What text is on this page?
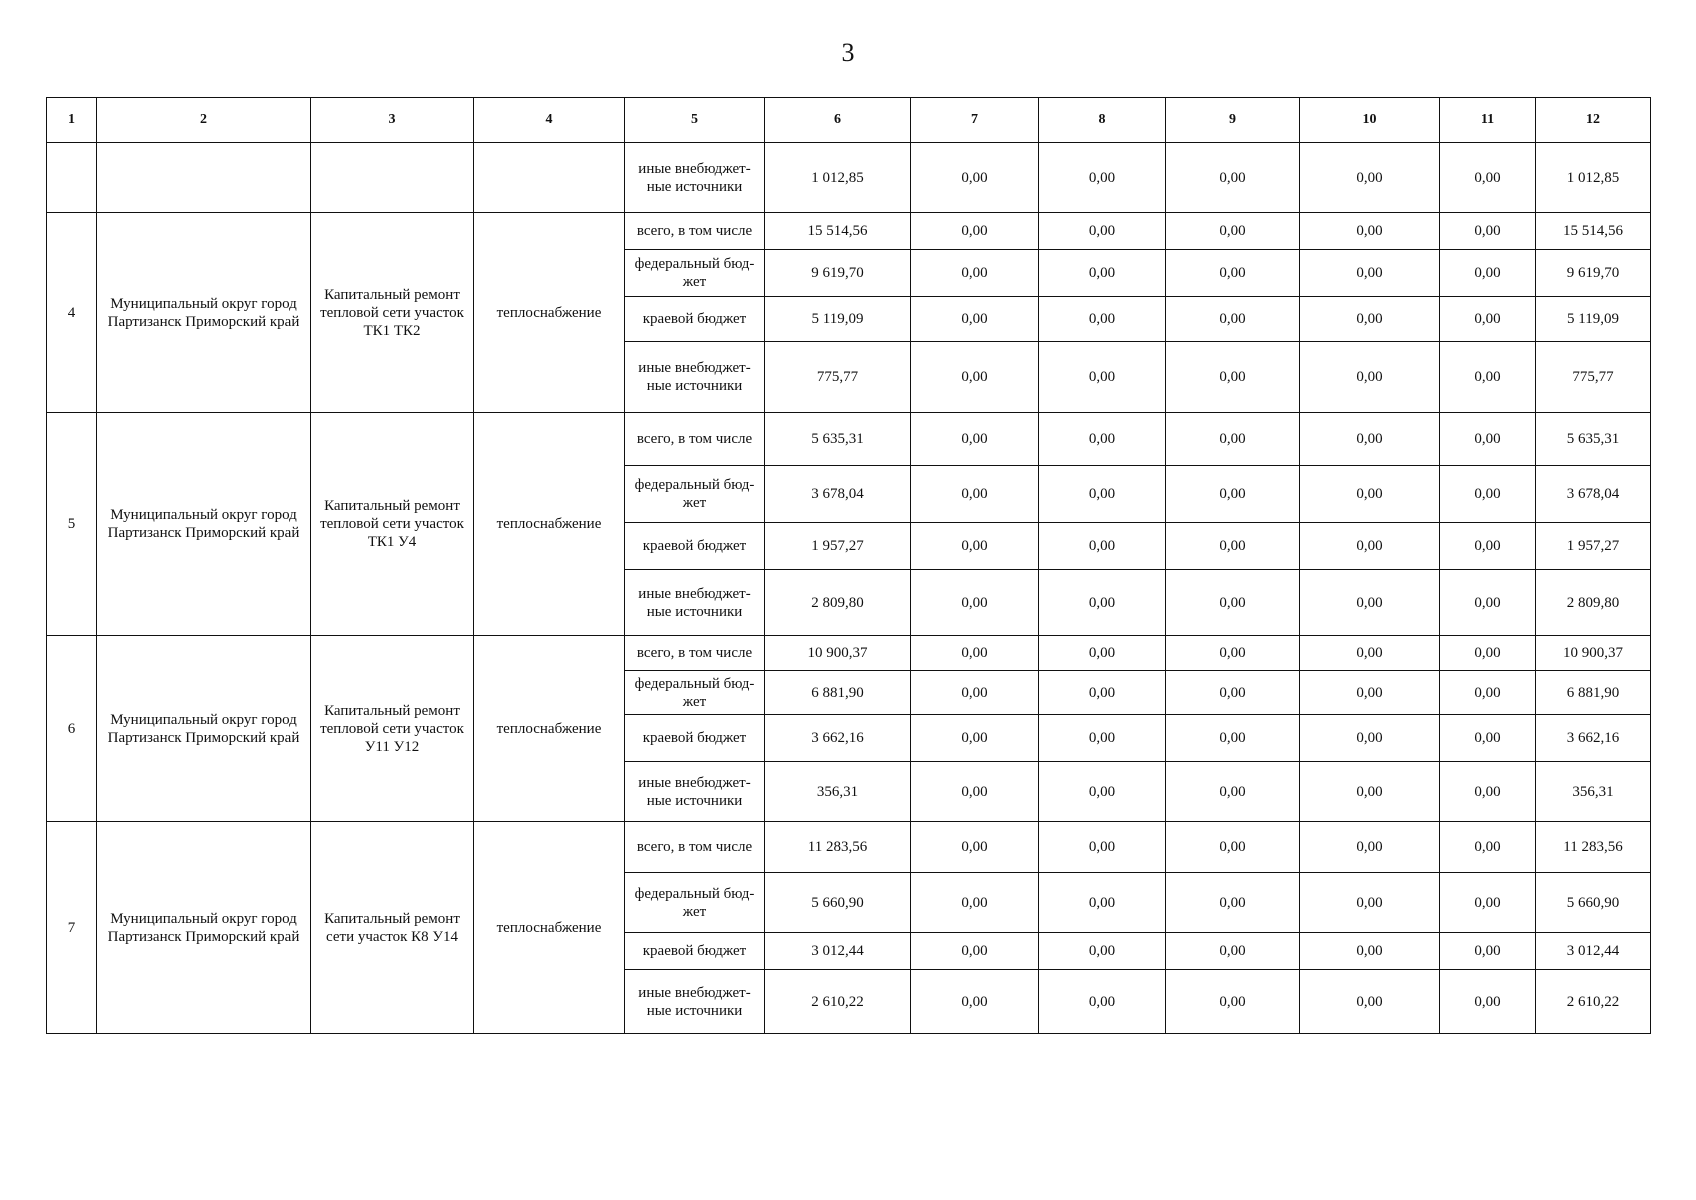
3
1	2	3	4	5	6	7	8	9	10	11	12
				иные внебюджет-ные источники	1 012,85	0,00	0,00	0,00	0,00	0,00	1 012,85
4	Муниципальный округ город Партизанск Приморский край	Капитальный ремонт тепловой сети участок ТК1 ТК2	теплоснабжение	всего, в том числе	15 514,56	0,00	0,00	0,00	0,00	0,00	15 514,56
				федеральный бюд-жет	9 619,70	0,00	0,00	0,00	0,00	0,00	9 619,70
				краевой бюджет	5 119,09	0,00	0,00	0,00	0,00	0,00	5 119,09
				иные внебюджет-ные источники	775,77	0,00	0,00	0,00	0,00	0,00	775,77
5	Муниципальный округ город Партизанск Приморский край	Капитальный ремонт тепловой сети участок ТК1 У4	теплоснабжение	всего, в том числе	5 635,31	0,00	0,00	0,00	0,00	0,00	5 635,31
				федеральный бюд-жет	3 678,04	0,00	0,00	0,00	0,00	0,00	3 678,04
				краевой бюджет	1 957,27	0,00	0,00	0,00	0,00	0,00	1 957,27
				иные внебюджет-ные источники	2 809,80	0,00	0,00	0,00	0,00	0,00	2 809,80
6	Муниципальный округ город Партизанск Приморский край	Капитальный ремонт тепловой сети участок У11 У12	теплоснабжение	всего, в том числе	10 900,37	0,00	0,00	0,00	0,00	0,00	10 900,37
				федеральный бюд-жет	6 881,90	0,00	0,00	0,00	0,00	0,00	6 881,90
				краевой бюджет	3 662,16	0,00	0,00	0,00	0,00	0,00	3 662,16
				иные внебюджет-ные источники	356,31	0,00	0,00	0,00	0,00	0,00	356,31
7	Муниципальный округ город Партизанск Приморский край	Капитальный ремонт сети участок К8 У14	теплоснабжение	всего, в том числе	11 283,56	0,00	0,00	0,00	0,00	0,00	11 283,56
				федеральный бюд-жет	5 660,90	0,00	0,00	0,00	0,00	0,00	5 660,90
				краевой бюджет	3 012,44	0,00	0,00	0,00	0,00	0,00	3 012,44
				иные внебюджет-ные источники	2 610,22	0,00	0,00	0,00	0,00	0,00	2 610,22
